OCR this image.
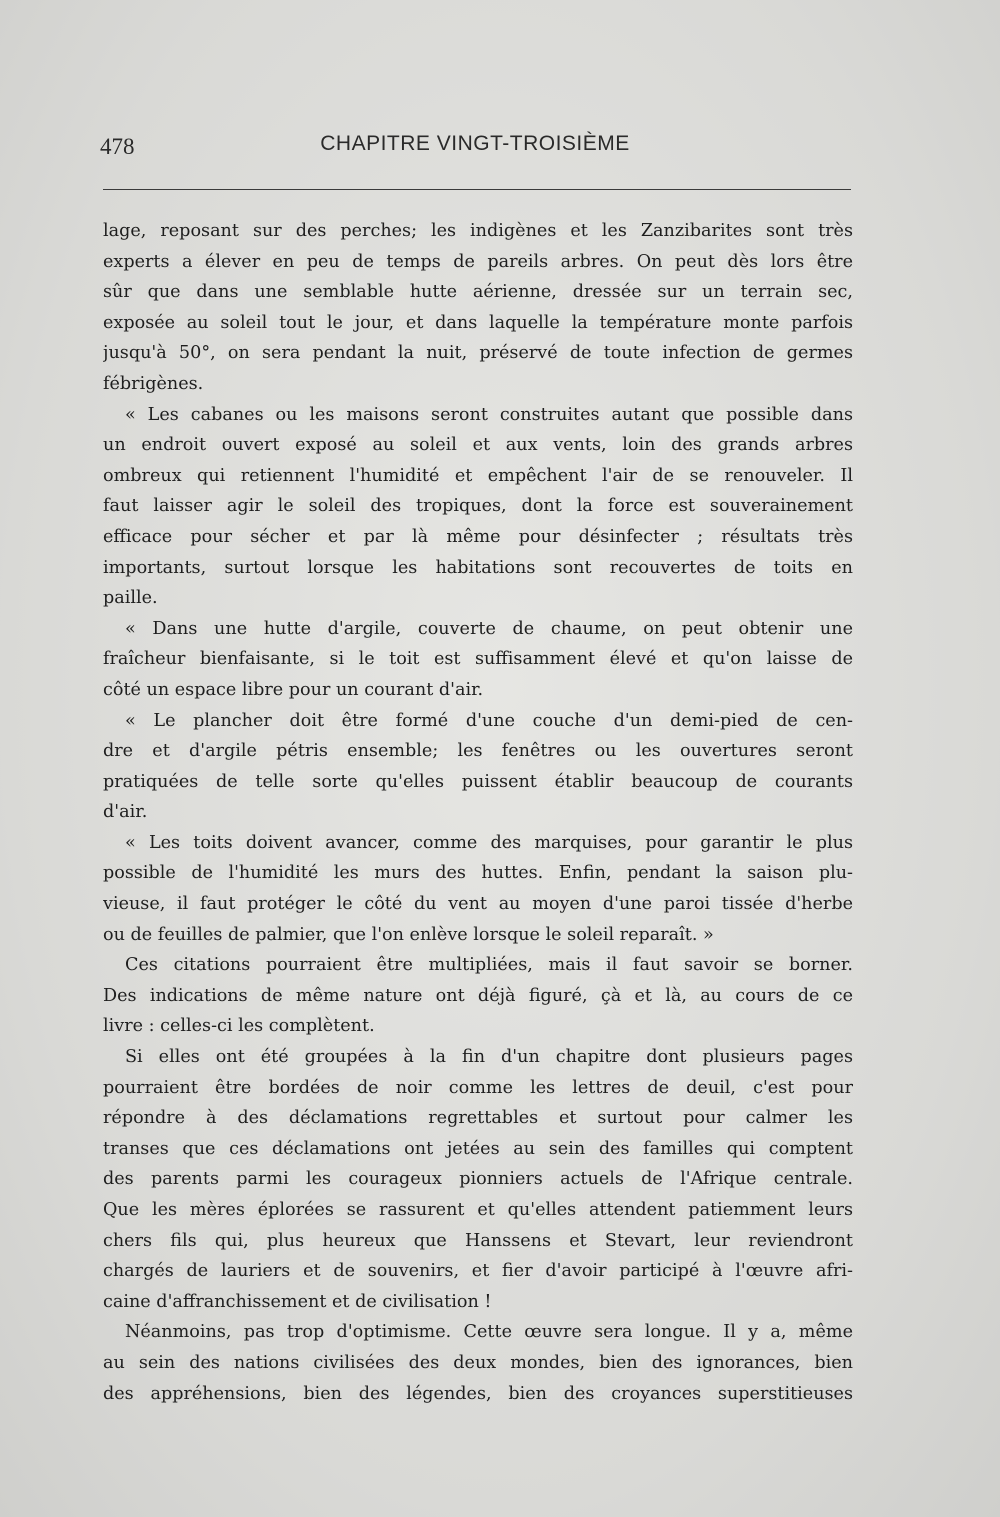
478	CHAPITRE VINGT-TROISIÈME
lage, reposant sur des perches; les indigènes et les Zanzibarites sont très
experts a élever en peu de temps de pareils arbres. On peut dès lors être
sûr que dans une semblable hutte aérienne, dressée sur un terrain sec,
exposée au soleil tout le jour, et dans laquelle la température monte parfois
jusqu'à 50°, on sera pendant la nuit, préservé de toute infection de germes
fébrigènes.
« Les cabanes ou les maisons seront construites autant que possible dans
un endroit ouvert exposé au soleil et aux vents, loin des grands arbres
ombreux qui retiennent l'humidité et empêchent l'air de se renouveler. Il
faut laisser agir le soleil des tropiques, dont la force est souverainement
efficace pour sécher et par là même pour désinfecter ; résultats très
importants, surtout lorsque les habitations sont recouvertes de toits en
paille.
« Dans une hutte d'argile, couverte de chaume, on peut obtenir une
fraîcheur bienfaisante, si le toit est suffisamment élevé et qu'on laisse de
côté un espace libre pour un courant d'air.
« Le plancher doit être formé d'une couche d'un demi-pied de cen-
dre et d'argile pétris ensemble; les fenêtres ou les ouvertures seront
pratiquées de telle sorte qu'elles puissent établir beaucoup de courants
d'air.
« Les toits doivent avancer, comme des marquises, pour garantir le plus
possible de l'humidité les murs des huttes. Enfin, pendant la saison plu-
vieuse, il faut protéger le côté du vent au moyen d'une paroi tissée d'herbe
ou de feuilles de palmier, que l'on enlève lorsque le soleil reparaît. »
Ces citations pourraient être multipliées, mais il faut savoir se borner.
Des indications de même nature ont déjà figuré, çà et là, au cours de ce
livre : celles-ci les complètent.
Si elles ont été groupées à la fin d'un chapitre dont plusieurs pages
pourraient être bordées de noir comme les lettres de deuil, c'est pour
répondre à des déclamations regrettables et surtout pour calmer les
transes que ces déclamations ont jetées au sein des familles qui comptent
des parents parmi les courageux pionniers actuels de l'Afrique centrale.
Que les mères éplorées se rassurent et qu'elles attendent patiemment leurs
chers fils qui, plus heureux que Hanssens et Stevart, leur reviendront
chargés de lauriers et de souvenirs, et fier d'avoir participé à l'œuvre afri-
caine d'affranchissement et de civilisation !
Néanmoins, pas trop d'optimisme. Cette œuvre sera longue. Il y a, même
au sein des nations civilisées des deux mondes, bien des ignorances, bien
des appréhensions, bien des légendes, bien des croyances superstitieuses
